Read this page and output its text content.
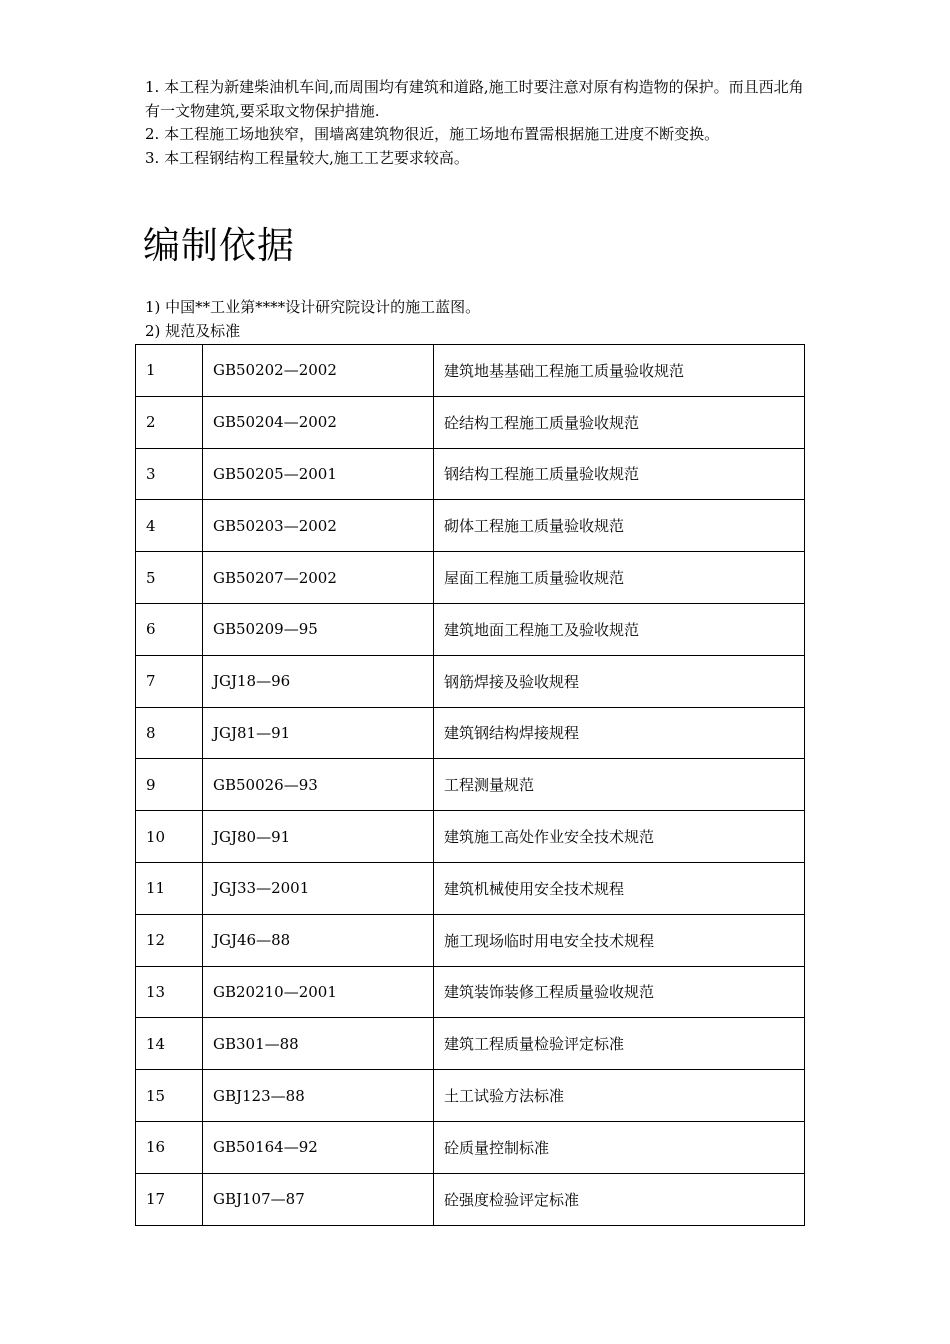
1. 本工程为新建柴油机车间,而周围均有建筑和道路,施工时要注意对原有构造物的保护。而且西北角有一文物建筑,要采取文物保护措施.

2. 本工程施工场地狭窄，围墙离建筑物很近，施工场地布置需根据施工进度不断变换。

3. 本工程钢结构工程量较大,施工工艺要求较高。

编制依据

1) 中国**工业第****设计研究院设计的施工蓝图。

2) 规范及标准

1	GB50202—2002	建筑地基基础工程施工质量验收规范
2	GB50204—2002	砼结构工程施工质量验收规范
3	GB50205—2001	钢结构工程施工质量验收规范
4	GB50203—2002	砌体工程施工质量验收规范
5	GB50207—2002	屋面工程施工质量验收规范
6	GB50209—95	建筑地面工程施工及验收规范
7	JGJ18—96	钢筋焊接及验收规程
8	JGJ81—91	建筑钢结构焊接规程
9	GB50026—93	工程测量规范
10	JGJ80—91	建筑施工高处作业安全技术规范
11	JGJ33—2001	建筑机械使用安全技术规程
12	JGJ46—88	施工现场临时用电安全技术规程
13	GB20210—2001	建筑装饰装修工程质量验收规范
14	GB301—88	建筑工程质量检验评定标准
15	GBJ123—88	土工试验方法标准
16	GB50164—92	砼质量控制标准
17	GBJ107—87	砼强度检验评定标准
